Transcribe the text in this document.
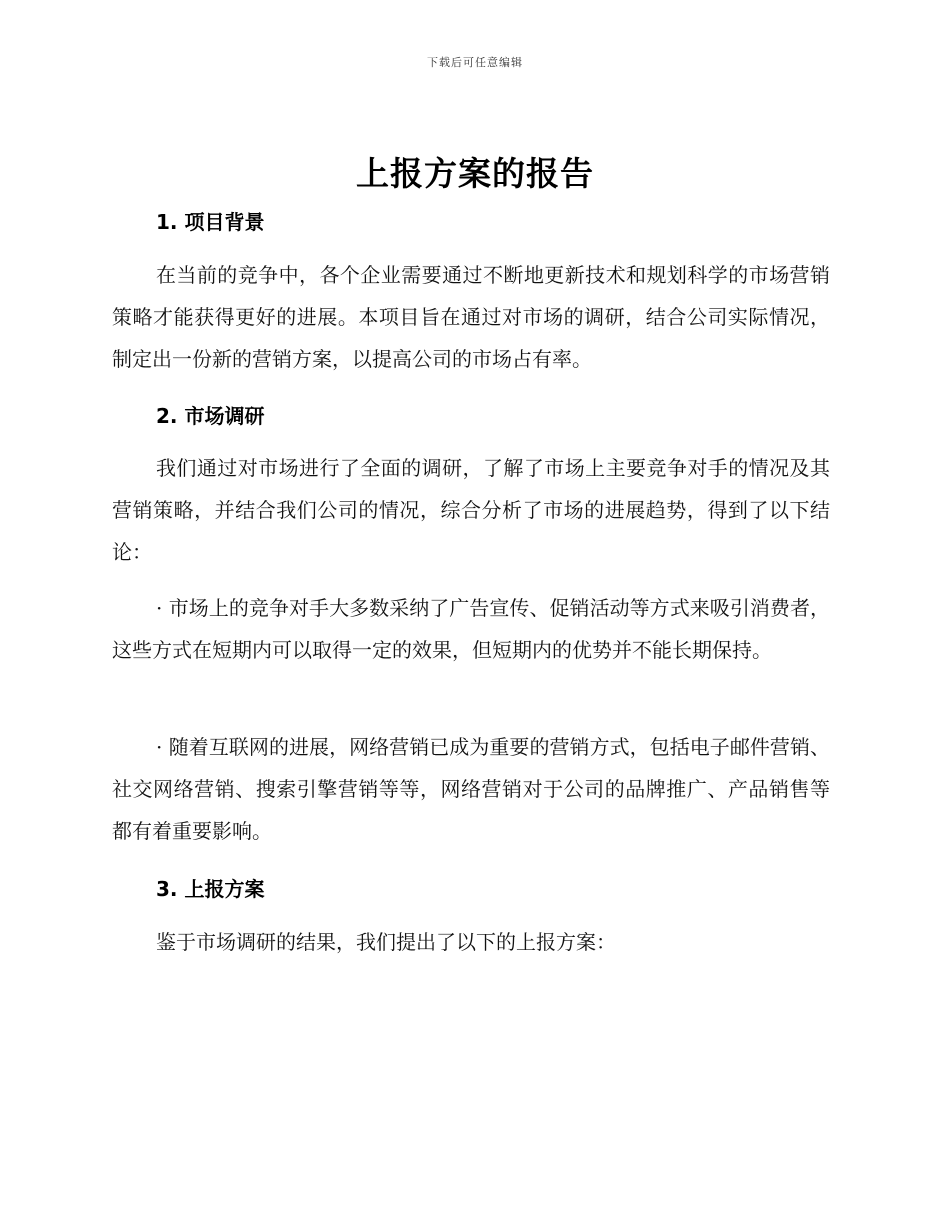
下载后可任意编辑
上报方案的报告
1. 项目背景

在当前的竞争中，各个企业需要通过不断地更新技术和规划科学的市场营销策略才能获得更好的进展。本项目旨在通过对市场的调研，结合公司实际情况，制定出一份新的营销方案，以提高公司的市场占有率。

2. 市场调研

我们通过对市场进行了全面的调研，了解了市场上主要竞争对手的情况及其营销策略，并结合我们公司的情况，综合分析了市场的进展趋势，得到了以下结论：

· 市场上的竞争对手大多数采纳了广告宣传、促销活动等方式来吸引消费者，这些方式在短期内可以取得一定的效果，但短期内的优势并不能长期保持。

· 随着互联网的进展，网络营销已成为重要的营销方式，包括电子邮件营销、社交网络营销、搜索引擎营销等等，网络营销对于公司的品牌推广、产品销售等都有着重要影响。

3. 上报方案

鉴于市场调研的结果，我们提出了以下的上报方案：
